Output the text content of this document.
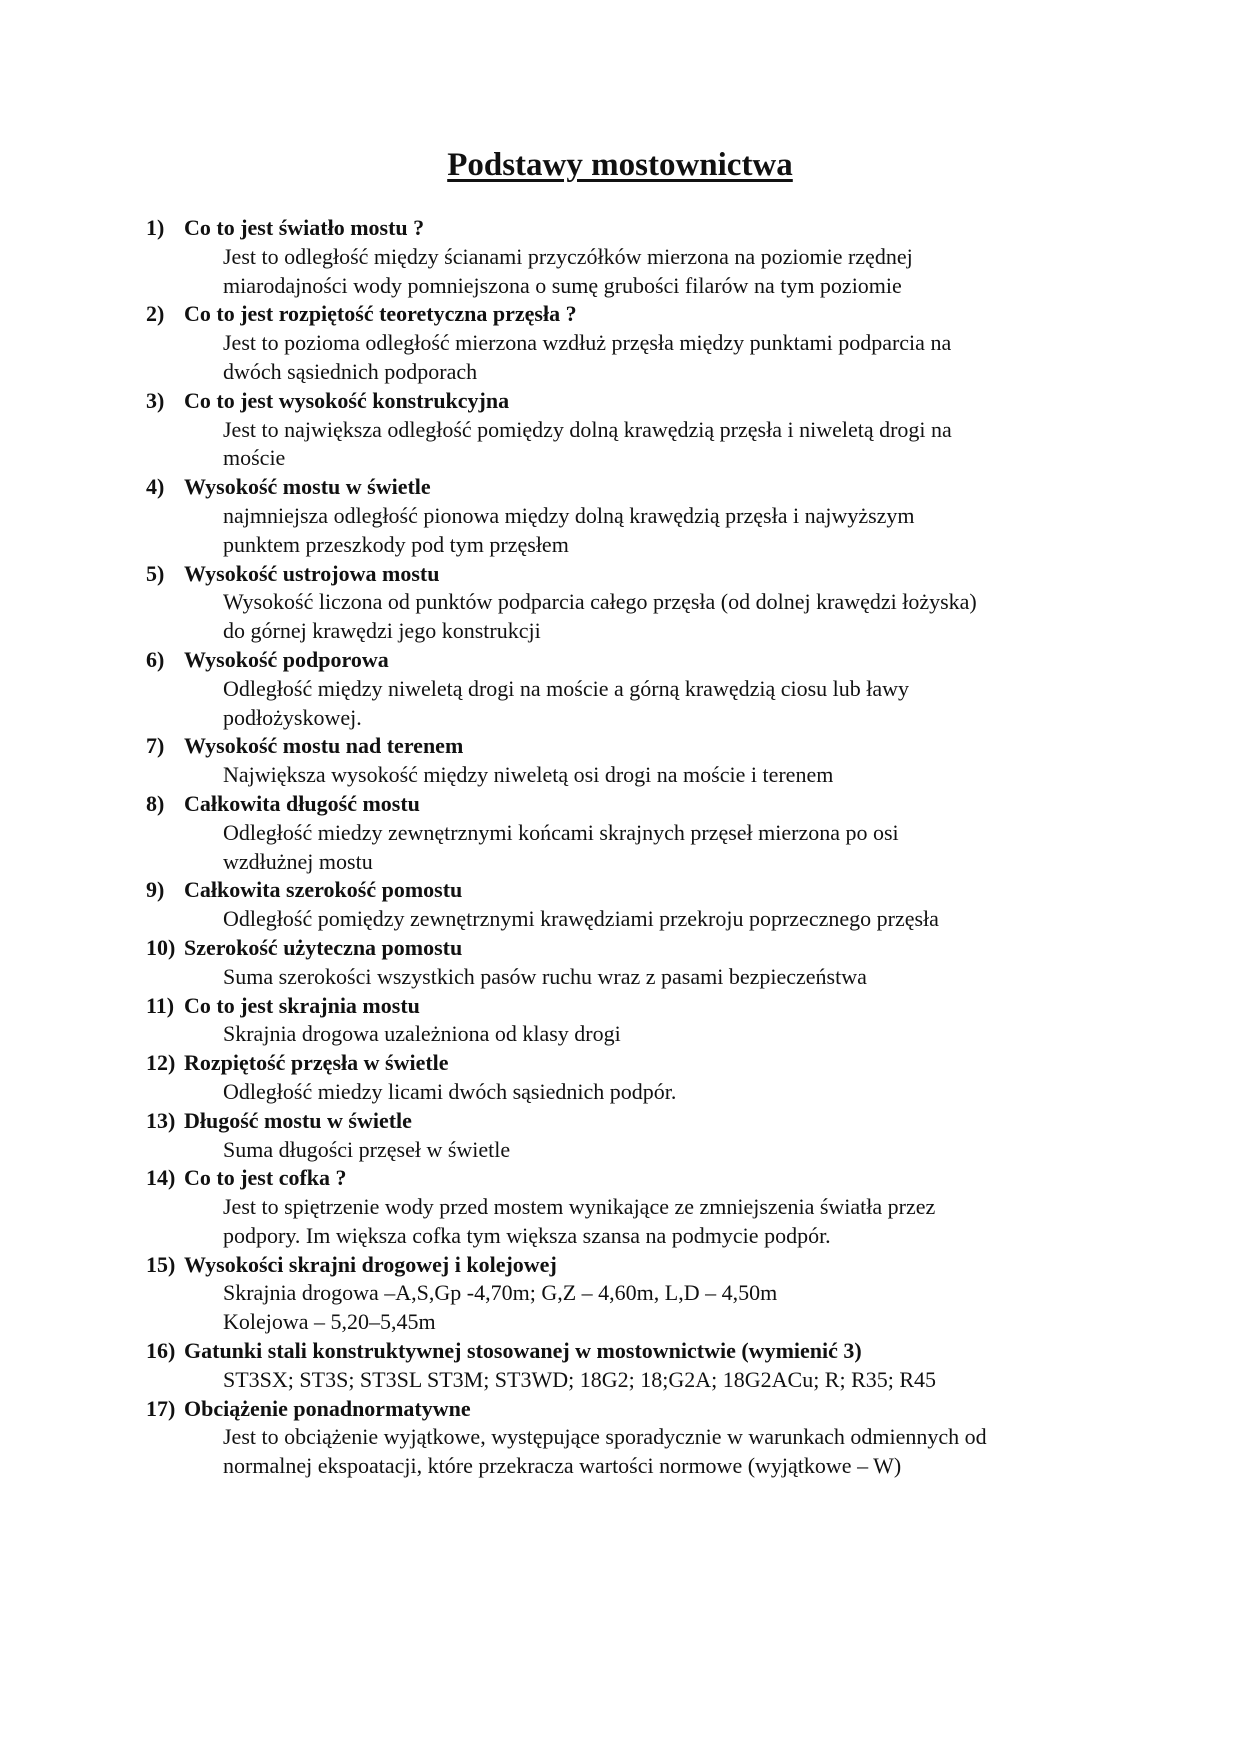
Podstawy mostownictwa
1) Co to jest światło mostu ?
Jest to odległość między ścianami przyczółków mierzona na poziomie rzędnej
miarodajności wody pomniejszona o sumę grubości filarów na tym poziomie
2) Co to jest rozpiętość teoretyczna przęsła ?
Jest to pozioma odległość mierzona wzdłuż przęsła między punktami podparcia na
dwóch sąsiednich podporach
3) Co to jest wysokość konstrukcyjna
Jest to największa odległość pomiędzy dolną krawędzią przęsła i niweletą drogi na
moście
4) Wysokość mostu w świetle
najmniejsza odległość pionowa między dolną krawędzią przęsła i najwyższym
punktem przeszkody pod tym przęsłem
5) Wysokość ustrojowa mostu
Wysokość liczona od punktów podparcia całego przęsła (od dolnej krawędzi łożyska)
do górnej krawędzi jego konstrukcji
6) Wysokość podporowa
Odległość między niweletą drogi na moście a górną krawędzią ciosu lub ławy
podłożyskowej.
7) Wysokość mostu nad terenem
Największa wysokość między niweletą osi drogi na moście i terenem
8) Całkowita długość mostu
Odległość miedzy zewnętrznymi końcami skrajnych przęseł mierzona po osi
wzdłużnej mostu
9) Całkowita szerokość pomostu
Odległość pomiędzy zewnętrznymi krawędziami przekroju poprzecznego przęsła
10) Szerokość użyteczna pomostu
Suma szerokości wszystkich pasów ruchu wraz z pasami bezpieczeństwa
11) Co to jest skrajnia mostu
Skrajnia drogowa uzależniona od klasy drogi
12) Rozpiętość przęsła w świetle
Odległość miedzy licami dwóch sąsiednich podpór.
13) Długość mostu w świetle
Suma długości przęseł w świetle
14) Co to jest cofka ?
Jest to spiętrzenie wody przed mostem wynikające ze zmniejszenia światła przez
podpory. Im większa cofka tym większa szansa na podmycie podpór.
15) Wysokości skrajni drogowej i kolejowej
Skrajnia drogowa –A,S,Gp -4,70m; G,Z – 4,60m, L,D – 4,50m
Kolejowa – 5,20–5,45m
16) Gatunki stali konstruktywnej stosowanej w mostownictwie (wymienić 3)
ST3SX; ST3S; ST3SL ST3M; ST3WD; 18G2; 18;G2A; 18G2ACu; R; R35; R45
17) Obciążenie ponadnormatywne
Jest to obciążenie wyjątkowe, występujące sporadycznie w warunkach odmiennych od
normalnej ekspoatacji, które przekracza wartości normowe (wyjątkowe – W)
